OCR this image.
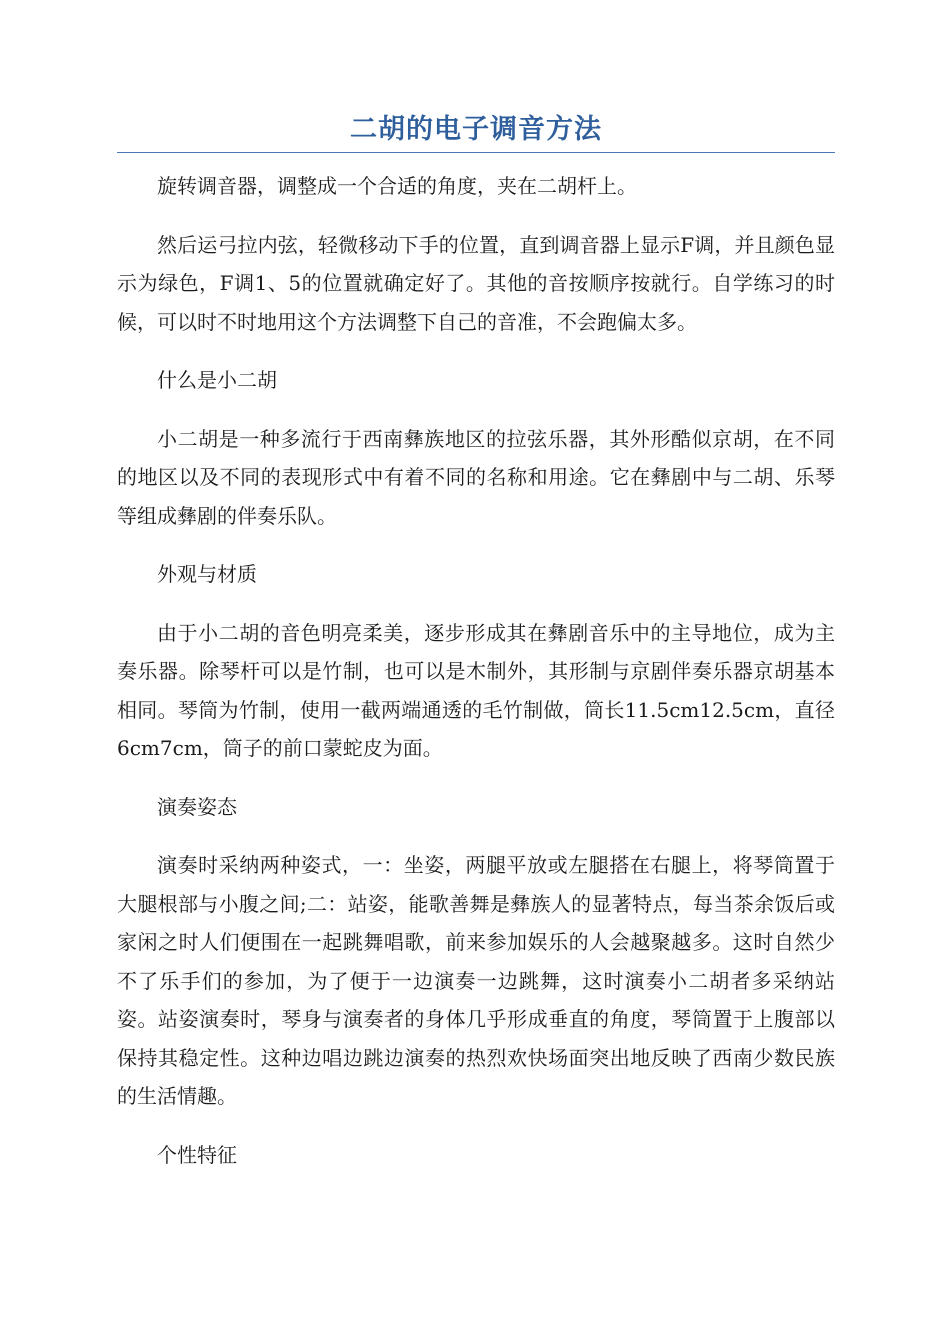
二胡的电子调音方法

旋转调音器，调整成一个合适的角度，夹在二胡杆上。

然后运弓拉内弦，轻微移动下手的位置，直到调音器上显示F调，并且颜色显示为绿色，F调1、5的位置就确定好了。其他的音按顺序按就行。自学练习的时候，可以时不时地用这个方法调整下自己的音准，不会跑偏太多。

什么是小二胡

小二胡是一种多流行于西南彝族地区的拉弦乐器，其外形酷似京胡，在不同的地区以及不同的表现形式中有着不同的名称和用途。它在彝剧中与二胡、乐琴等组成彝剧的伴奏乐队。

外观与材质

由于小二胡的音色明亮柔美，逐步形成其在彝剧音乐中的主导地位，成为主奏乐器。除琴杆可以是竹制，也可以是木制外，其形制与京剧伴奏乐器京胡基本相同。琴筒为竹制，使用一截两端通透的毛竹制做，筒长11.5cm12.5cm，直径6cm7cm，筒子的前口蒙蛇皮为面。

演奏姿态

演奏时采纳两种姿式，一：坐姿，两腿平放或左腿搭在右腿上，将琴筒置于大腿根部与小腹之间;二：站姿，能歌善舞是彝族人的显著特点，每当茶余饭后或家闲之时人们便围在一起跳舞唱歌，前来参加娱乐的人会越聚越多。这时自然少不了乐手们的参加，为了便于一边演奏一边跳舞，这时演奏小二胡者多采纳站姿。站姿演奏时，琴身与演奏者的身体几乎形成垂直的角度，琴筒置于上腹部以保持其稳定性。这种边唱边跳边演奏的热烈欢快场面突出地反映了西南少数民族的生活情趣。

个性特征
